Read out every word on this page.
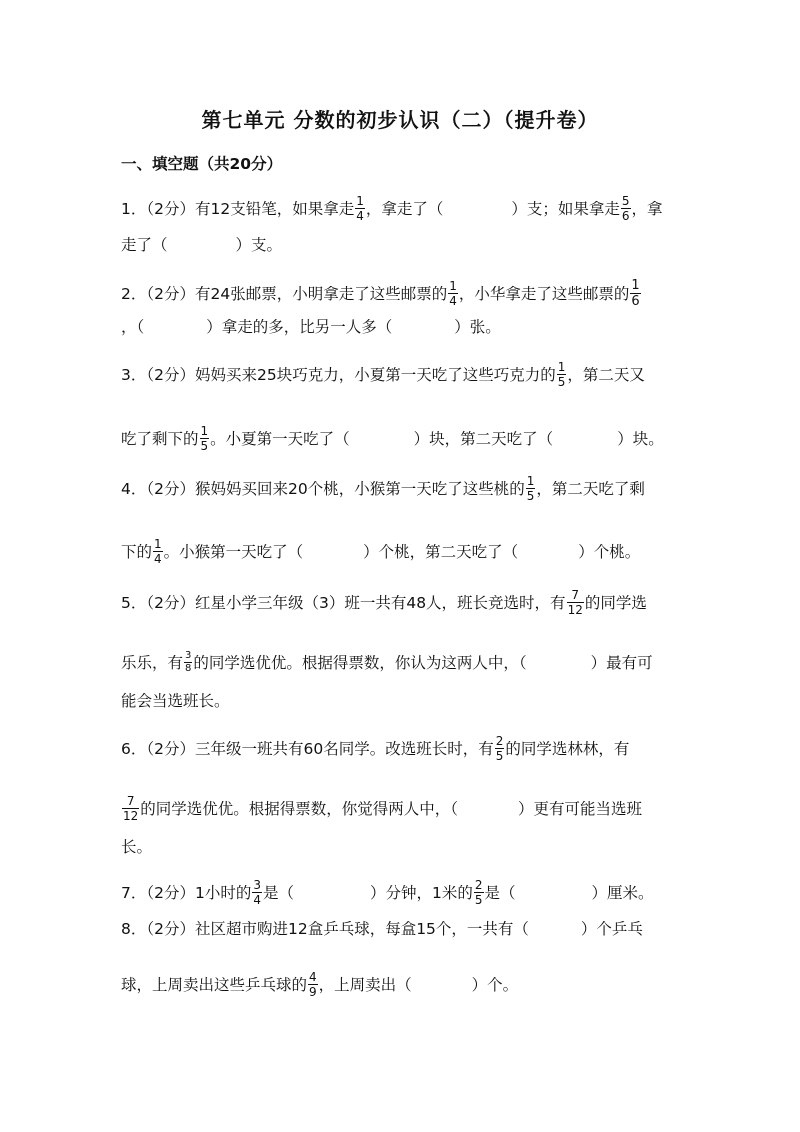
第七单元 分数的初步认识（二）（提升卷）
一、填空题（共20分）
1．（2分）有12支铅笔，如果拿走 $\frac{1}{4}$ ，拿走了（	）支；如果拿走 $\frac{5}{6}$ ，拿
走了（	）支。
2．（2分）有24张邮票，小明拿走了这些邮票的 $\frac{1}{4}$ ，小华拿走了这些邮票的 $\frac{1}{6}$
，（	）拿走的多，比另一人多（	）张。
3．（2分）妈妈买来25块巧克力，小夏第一天吃了这些巧克力的 $\frac{1}{5}$ ，第二天又
吃了剩下的 $\frac{1}{5}$ 。小夏第一天吃了（	）块，第二天吃了（	）块。
4．（2分）猴妈妈买回来20个桃，小猴第一天吃了这些桃的 $\frac{1}{5}$ ，第二天吃了剩
下的 $\frac{1}{4}$ 。小猴第一天吃了（	）个桃，第二天吃了（	）个桃。
5．（2分）红星小学三年级（3）班一共有48人，班长竞选时，有 $\frac{7}{12}$ 的同学选
乐乐，有 $\frac{3}{8}$ 的同学选优优。根据得票数，你认为这两人中，（	）最有可
能会当选班长。
6．（2分）三年级一班共有60名同学。改选班长时，有 $\frac{2}{5}$ 的同学选林林，有
$\frac{7}{12}$ 的同学选优优。根据得票数，你觉得两人中，（	）更有可能当选班
长。
7．（2分）1小时的 $\frac{3}{4}$ 是（	）分钟，1米的 $\frac{2}{5}$ 是（	）厘米。
8．（2分）社区超市购进12盒乒乓球，每盒15个，一共有（	）个乒乓
球，上周卖出这些乒乓球的 $\frac{4}{9}$ ，上周卖出（	）个。
